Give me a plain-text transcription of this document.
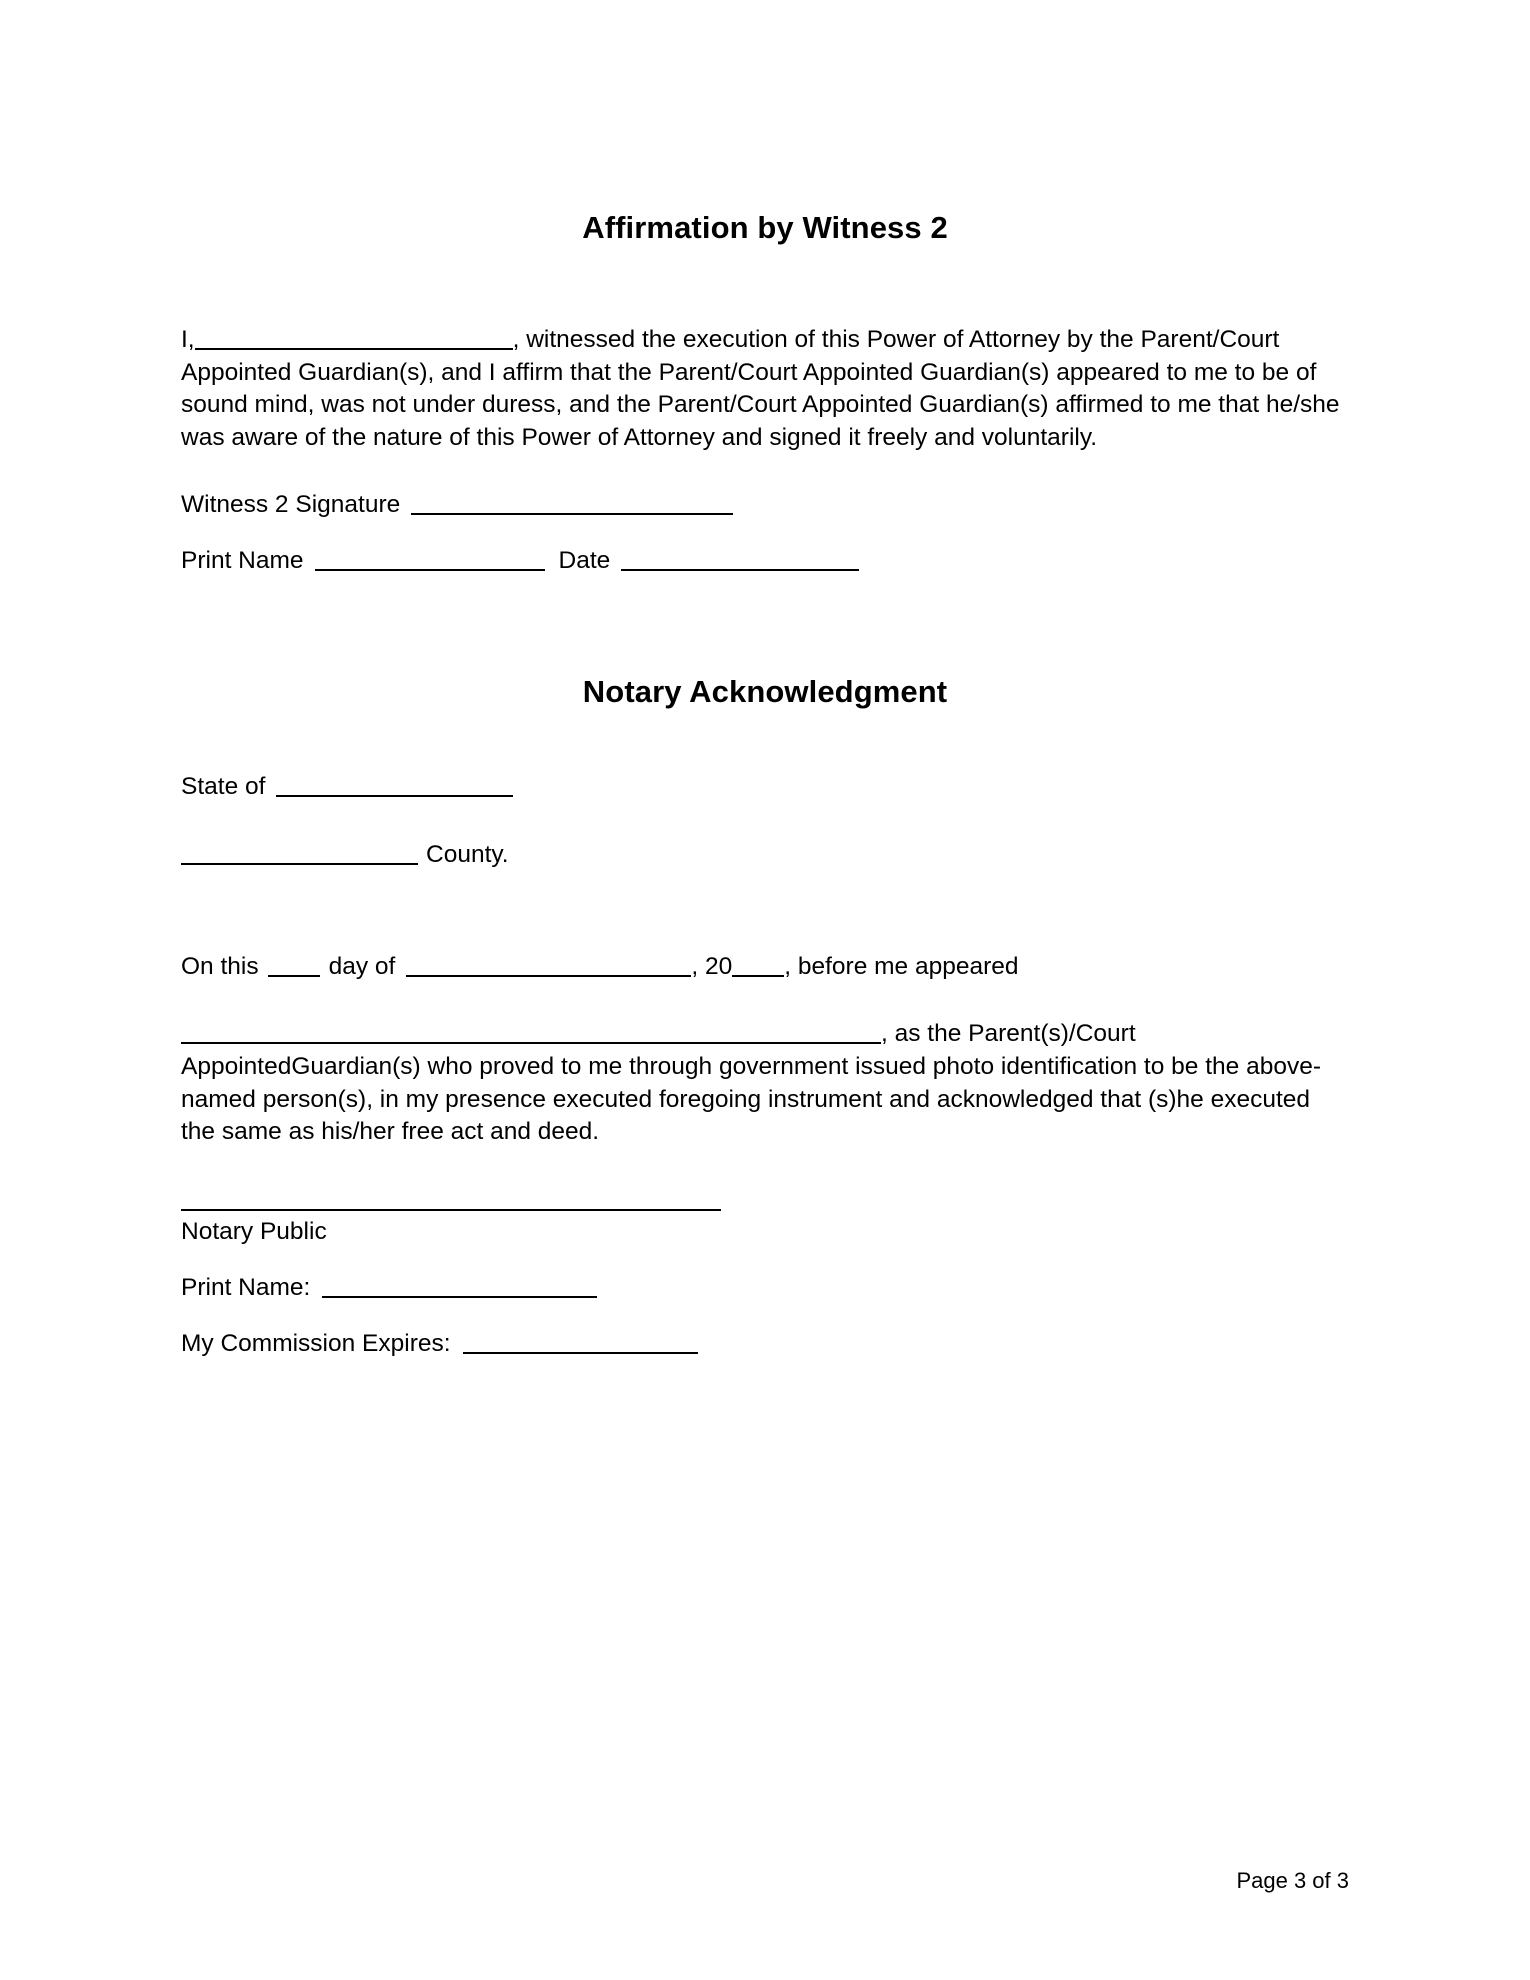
Affirmation by Witness 2

I,	, witnessed the execution of this Power of Attorney by the Parent/Court Appointed Guardian(s), and I affirm that the Parent/Court Appointed Guardian(s) appeared to me to be of sound mind, was not under duress, and the Parent/Court Appointed Guardian(s) affirmed to me that he/she was aware of the nature of this Power of Attorney and signed it freely and voluntarily.

Witness 2 Signature
Print Name	Date
Notary Acknowledgment
State of
County.
On this	day of	, 20 , before me appeared

, as the Parent(s)/Court AppointedGuardian(s) who proved to me through government issued photo identification to be the above-named person(s), in my presence executed foregoing instrument and acknowledged that (s)he executed the same as his/her free act and deed.

Notary Public
Print Name:
My Commission Expires:
Page 3 of 3
